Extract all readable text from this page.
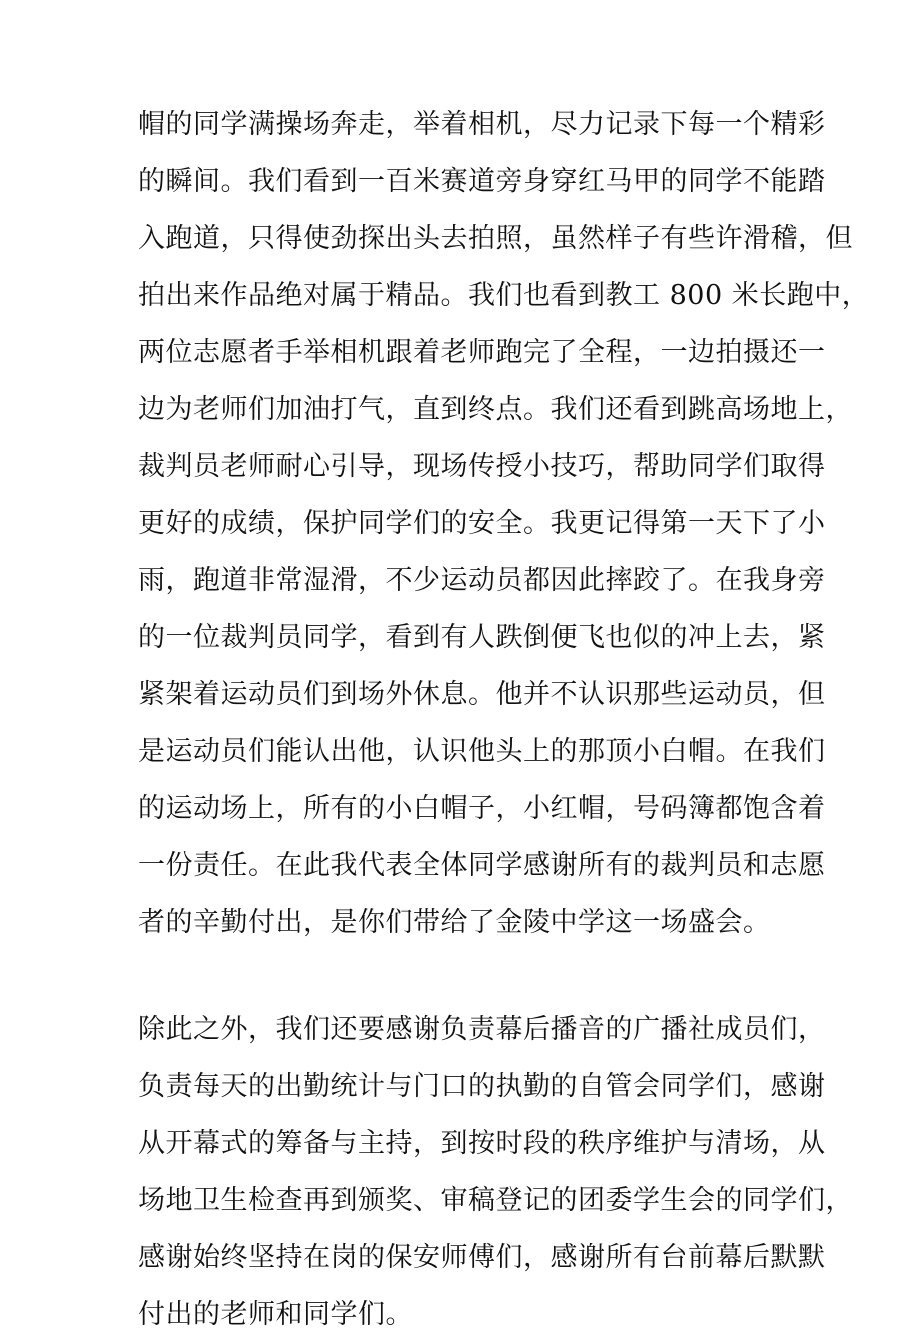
帽的同学满操场奔走，举着相机，尽力记录下每一个精彩
的瞬间。我们看到一百米赛道旁身穿红马甲的同学不能踏
入跑道，只得使劲探出头去拍照，虽然样子有些许滑稽，但
拍出来作品绝对属于精品。我们也看到教工 800 米长跑中，
两位志愿者手举相机跟着老师跑完了全程，一边拍摄还一
边为老师们加油打气，直到终点。我们还看到跳高场地上，
裁判员老师耐心引导，现场传授小技巧，帮助同学们取得
更好的成绩，保护同学们的安全。我更记得第一天下了小
雨，跑道非常湿滑，不少运动员都因此摔跤了。在我身旁
的一位裁判员同学，看到有人跌倒便飞也似的冲上去，紧
紧架着运动员们到场外休息。他并不认识那些运动员，但
是运动员们能认出他，认识他头上的那顶小白帽。在我们
的运动场上，所有的小白帽子，小红帽，号码簿都饱含着
一份责任。在此我代表全体同学感谢所有的裁判员和志愿
者的辛勤付出，是你们带给了金陵中学这一场盛会。
除此之外，我们还要感谢负责幕后播音的广播社成员们，
负责每天的出勤统计与门口的执勤的自管会同学们，感谢
从开幕式的筹备与主持，到按时段的秩序维护与清场，从
场地卫生检查再到颁奖、审稿登记的团委学生会的同学们，
感谢始终坚持在岗的保安师傅们，感谢所有台前幕后默默
付出的老师和同学们。
